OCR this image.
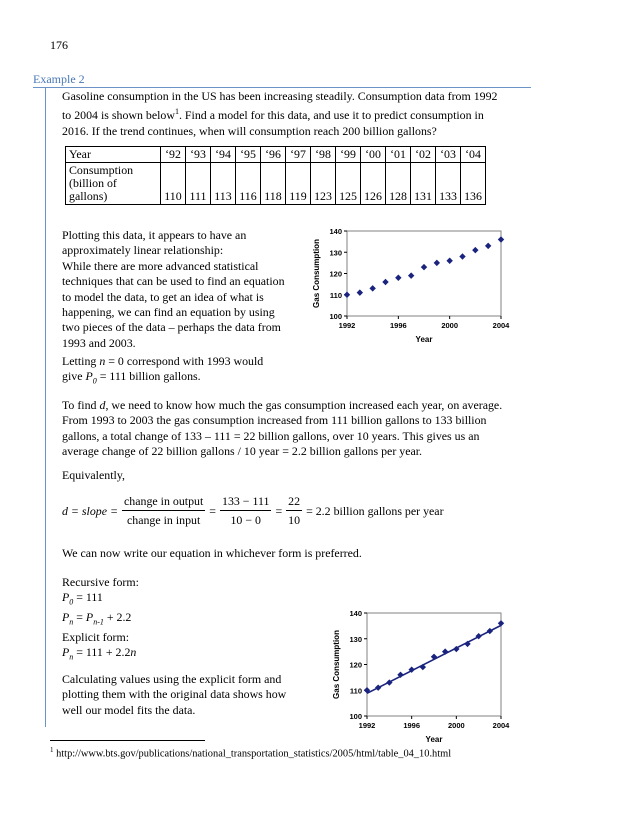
176
Example 2
Gasoline consumption in the US has been increasing steadily. Consumption data from 1992
to 2004 is shown below$^1$. Find a model for this data, and use it to predict consumption in
2016. If the trend continues, when will consumption reach 200 billion gallons?
Year	‘92	‘93	‘94	‘95	‘96	‘97	‘98	‘99	‘00	‘01	‘02	‘03	‘04

Consumption
(billion of
gallons)	110	111	113	116	118	119	123	125	126	128	131	133	136
Plotting this data, it appears to have an
approximately linear relationship:
While there are more advanced statistical
techniques that can be used to find an equation
to model the data, to get an idea of what is
happening, we can find an equation by using
two pieces of the data – perhaps the data from
1993 and 2003.
Letting n = 0 correspond with 1993 would
give $P_0 = 111$ billion gallons.
To find d, we need to know how much the gas consumption increased each year, on average.
From 1993 to 2003 the gas consumption increased from 111 billion gallons to 133 billion
gallons, a total change of 133 – 111 = 22 billion gallons, over 10 years. This gives us an
average change of 22 billion gallons / 10 year = 2.2 billion gallons per year.
Equivalently,
d = slope = $\frac{\text{change in output}}{\text{change in input}} = \frac{133 - 111}{10 - 0} = \frac{22}{10} = 2.2$ billion gallons per year
We can now write our equation in whichever form is preferred.
Recursive form:
$P_0 = 111$
$P_n = P_{n-1} + 2.2$
Explicit form:
$P_n = 111 + 2.2n$
Calculating values using the explicit form and
plotting them with the original data shows how
well our model fits the data.
100
110
120
130
140
1992	1996	2000	2004
Year
Gas Consumption
100
110
120
130
140
1992	1996	2000	2004
Year
Gas Consumption
$^1$ http://www.bts.gov/publications/national_transportation_statistics/2005/html/table_04_10.html
